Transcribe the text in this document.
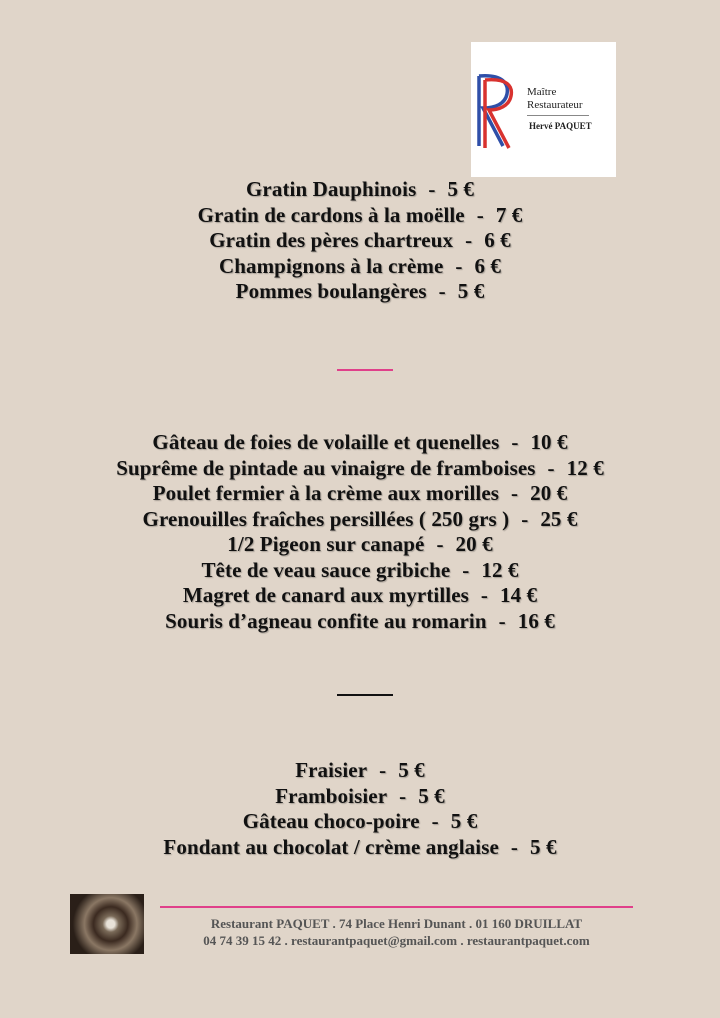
Maître
Restaurateur
Hervé PAQUET
Gratin Dauphinois - 5 €
Gratin de cardons à la moëlle - 7 €
Gratin des pères chartreux - 6 €
Champignons à la crème - 6 €
Pommes boulangères - 5 €
Gâteau de foies de volaille et quenelles - 10 €
Suprême de pintade au vinaigre de framboises - 12 €
Poulet fermier à la crème aux morilles - 20 €
Grenouilles fraîches persillées ( 250 grs ) - 25 €
1/2 Pigeon sur canapé - 20 €
Tête de veau sauce gribiche - 12 €
Magret de canard aux myrtilles - 14 €
Souris d’agneau confite au romarin - 16 €
Fraisier - 5 €
Framboisier - 5 €
Gâteau choco-poire - 5 €
Fondant au chocolat / crème anglaise - 5 €
Restaurant PAQUET . 74 Place Henri Dunant . 01 160 DRUILLAT
04 74 39 15 42 . restaurantpaquet@gmail.com . restaurantpaquet.com
